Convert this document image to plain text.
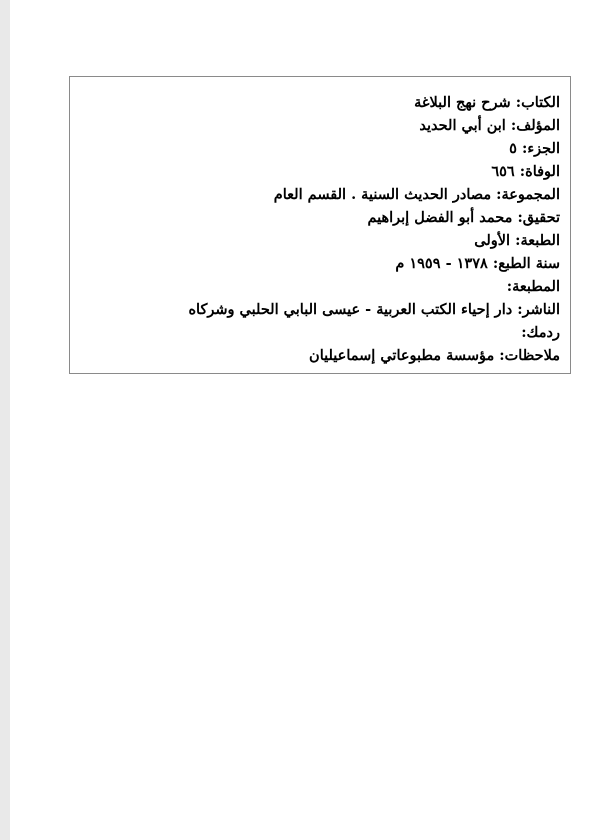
الكتاب: شرح نهج البلاغة
المؤلف: ابن أبي الحديد
الجزء: ٥
الوفاة: ٦٥٦
المجموعة: مصادر الحديث السنية . القسم العام
تحقيق: محمد أبو الفضل إبراهيم
الطبعة: الأولى
سنة الطبع: ١٣٧٨ - ١٩٥٩ م
المطبعة:
الناشر: دار إحياء الكتب العربية - عيسى البابي الحلبي وشركاه
ردمك:
ملاحظات: مؤسسة مطبوعاتي إسماعيليان
